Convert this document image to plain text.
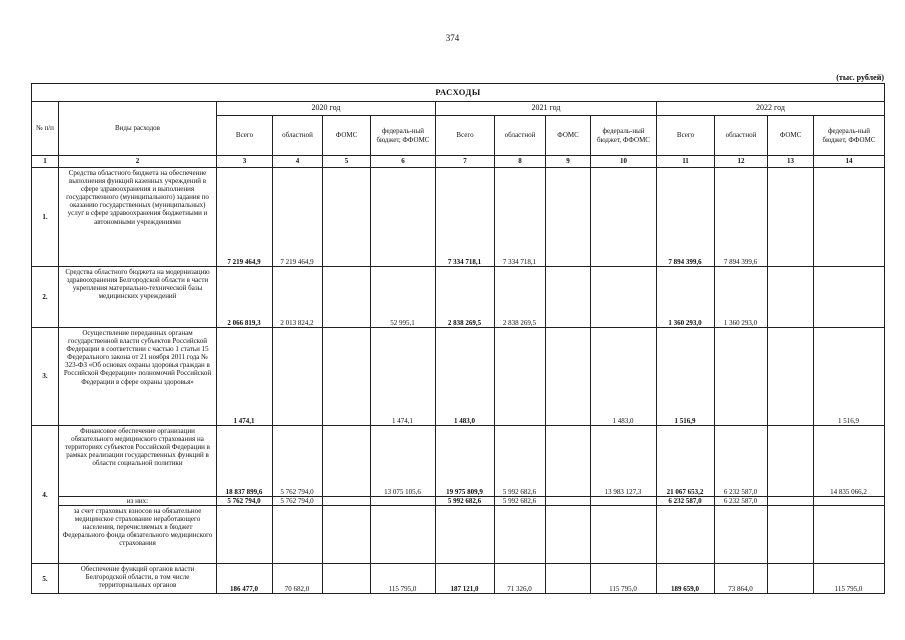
374
(тыс. рублей)
РАСХОДЫ													
№ п/п	Виды расходов	2020 год				2021 год				2022 год			
		Всего	областной	ФОМС	федераль-ный бюджет, ФФОМС	Всего	областной	ФОМС	федераль-ный бюджет, ФФОМС	Всего	областной	ФОМС	федераль-ный бюджет, ФФОМС
1	2	3	4	5	6	7	8	9	10	11	12	13	14
1.	Средства областного бюджета на обеспечение выполнения функций казенных учреждений в сфере здравоохранения и выполнения государственного (муниципального) задания по оказанию государственных (муниципальных) услуг в сфере здравоохранения бюджетными и автономными учреждениями	7 219 464,9	7 219 464,9			7 334 718,1	7 334 718,1			7 894 399,6	7 894 399,6		
2.	Средства областного бюджета на модернизацию здравоохранения Белгородской области в части укрепления материально-технической базы медицинских учреждений	2 066 819,3	2 013 824,2		52 995,1	2 838 269,5	2 838 269,5			1 360 293,0	1 360 293,0		
3.	Осуществление переданных органам государственной власти субъектов Российской Федерации в соответствии с частью 1 статьи 15 Федерального закона от 21 ноября 2011 года № 323-ФЗ «Об основах охраны здоровья граждан в Российской Федерации» полномочий Российской Федерации в сфере охраны здоровья»	1 474,1			1 474,1	1 483,0			1 483,0	1 516,9			1 516,9
4.	Финансовое обеспечение организации обязательного медицинского страхования на территориях субъектов Российской Федерации в рамках реализации государственных функций в области социальной политики	18 837 899,6	5 762 794,0		13 075 105,6	19 975 809,9	5 992 682,6		13 983 127,3	21 067 653,2	6 232 587,0		14 835 066,2
	из них:	5 762 794,0	5 762 794,0			5 992 682,6	5 992 682,6			6 232 587,0	6 232 587,0		
	за счет страховых взносов на обязательное медицинское страхование неработающего населения, перечисляемых в бюджет Федерального фонда обязательного медицинского страхования												
5.	Обеспечение функций органов власти Белгородской области, в том числе территориальных органов	186 477,0	70 682,0		115 795,0	187 121,0	71 326,0		115 795,0	189 659,0	73 864,0		115 795,0
